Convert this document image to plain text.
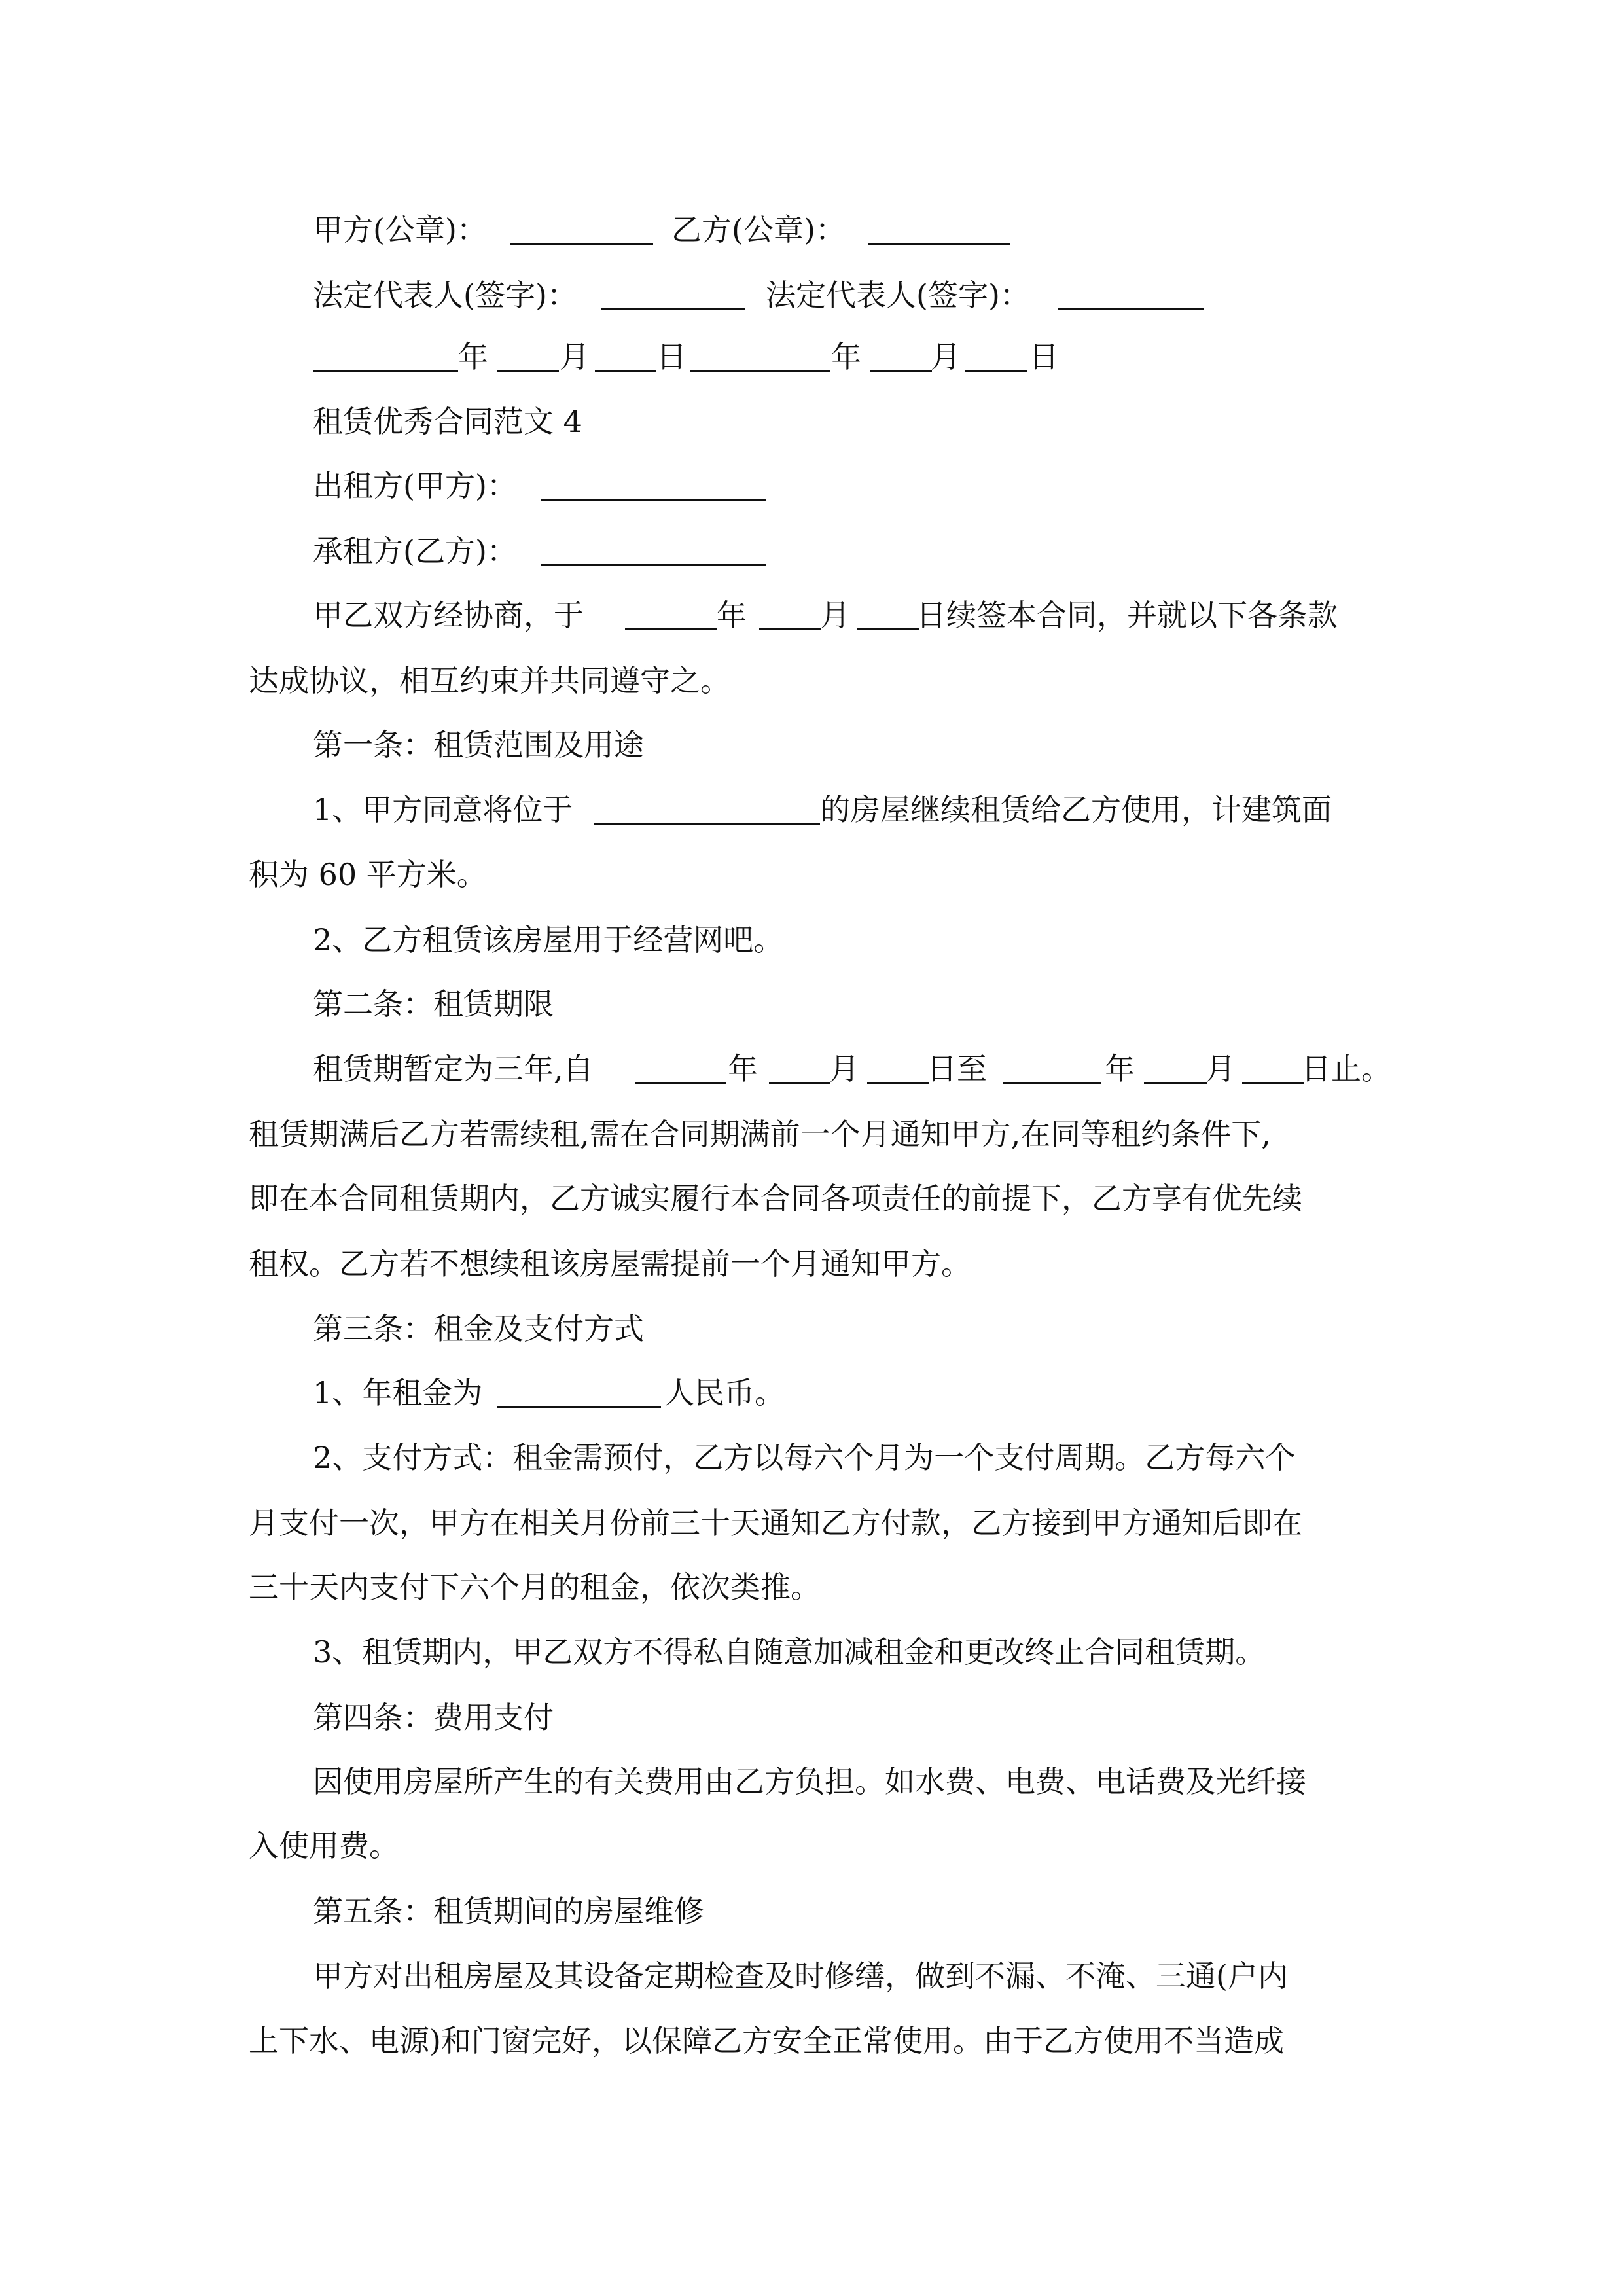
甲方(公章)：	乙方(公章)：
法定代表人(签字)：	法定代表人(签字)：
年 月 日	年 月 日
租赁优秀合同范文 4
出租方(甲方)：
承租方(乙方)：
甲乙双方经协商，于	年 月 日续签本合同，并就以下各条款
达成协议，相互约束并共同遵守之。
第一条：租赁范围及用途
1、甲方同意将位于	的房屋继续租赁给乙方使用，计建筑面
积为 60 平方米。
2、乙方租赁该房屋用于经营网吧。
第二条：租赁期限
租赁期暂定为三年,自	年 月 日至	年 月 日止。
租赁期满后乙方若需续租,需在合同期满前一个月通知甲方,在同等租约条件下,
即在本合同租赁期内，乙方诚实履行本合同各项责任的前提下，乙方享有优先续
租权。乙方若不想续租该房屋需提前一个月通知甲方。
第三条：租金及支付方式
1、年租金为	人民币。
2、支付方式：租金需预付，乙方以每六个月为一个支付周期。乙方每六个
月支付一次，甲方在相关月份前三十天通知乙方付款，乙方接到甲方通知后即在
三十天内支付下六个月的租金，依次类推。
3、租赁期内，甲乙双方不得私自随意加减租金和更改终止合同租赁期。
第四条：费用支付
因使用房屋所产生的有关费用由乙方负担。如水费、电费、电话费及光纤接
入使用费。
第五条：租赁期间的房屋维修
甲方对出租房屋及其设备定期检查及时修缮，做到不漏、不淹、三通(户内
上下水、电源)和门窗完好，以保障乙方安全正常使用。由于乙方使用不当造成
